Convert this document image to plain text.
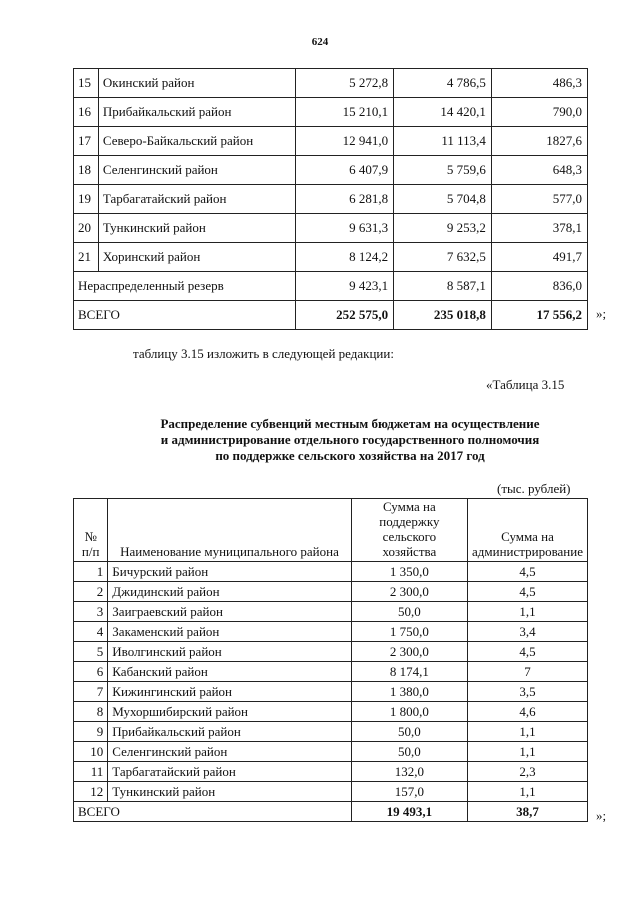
624
15	Окинский район	5 272,8	4 786,5	486,3
16	Прибайкальский район	15 210,1	14 420,1	790,0
17	Северо-Байкальский район	12 941,0	11 113,4	1827,6
18	Селенгинский район	6 407,9	5 759,6	648,3
19	Тарбагатайский район	6 281,8	5 704,8	577,0
20	Тункинский район	9 631,3	9 253,2	378,1
21	Хоринский район	8 124,2	7 632,5	491,7
Нераспределенный резерв		9 423,1	8 587,1	836,0
ВСЕГО		252 575,0	235 018,8	17 556,2 »;
таблицу 3.15 изложить в следующей редакции:
«Таблица 3.15
Распределение субвенций местным бюджетам на осуществление
и администрирование отдельного государственного полномочия
по поддержке сельского хозяйства на 2017 год
(тыс. рублей)
№ п/п	Наименование муниципального района	Сумма на поддержку сельского хозяйства	Сумма на администрирование
1	Бичурский район	1 350,0	4,5
2	Джидинский район	2 300,0	4,5
3	Заиграевский район	50,0	1,1
4	Закаменский район	1 750,0	3,4
5	Иволгинский район	2 300,0	4,5
6	Кабанский район	8 174,1	7
7	Кижингинский район	1 380,0	3,5
8	Мухоршибирский район	1 800,0	4,6
9	Прибайкальский район	50,0	1,1
10	Селенгинский район	50,0	1,1
11	Тарбагатайский район	132,0	2,3
12	Тункинский район	157,0	1,1
ВСЕГО		19 493,1	38,7	»;
